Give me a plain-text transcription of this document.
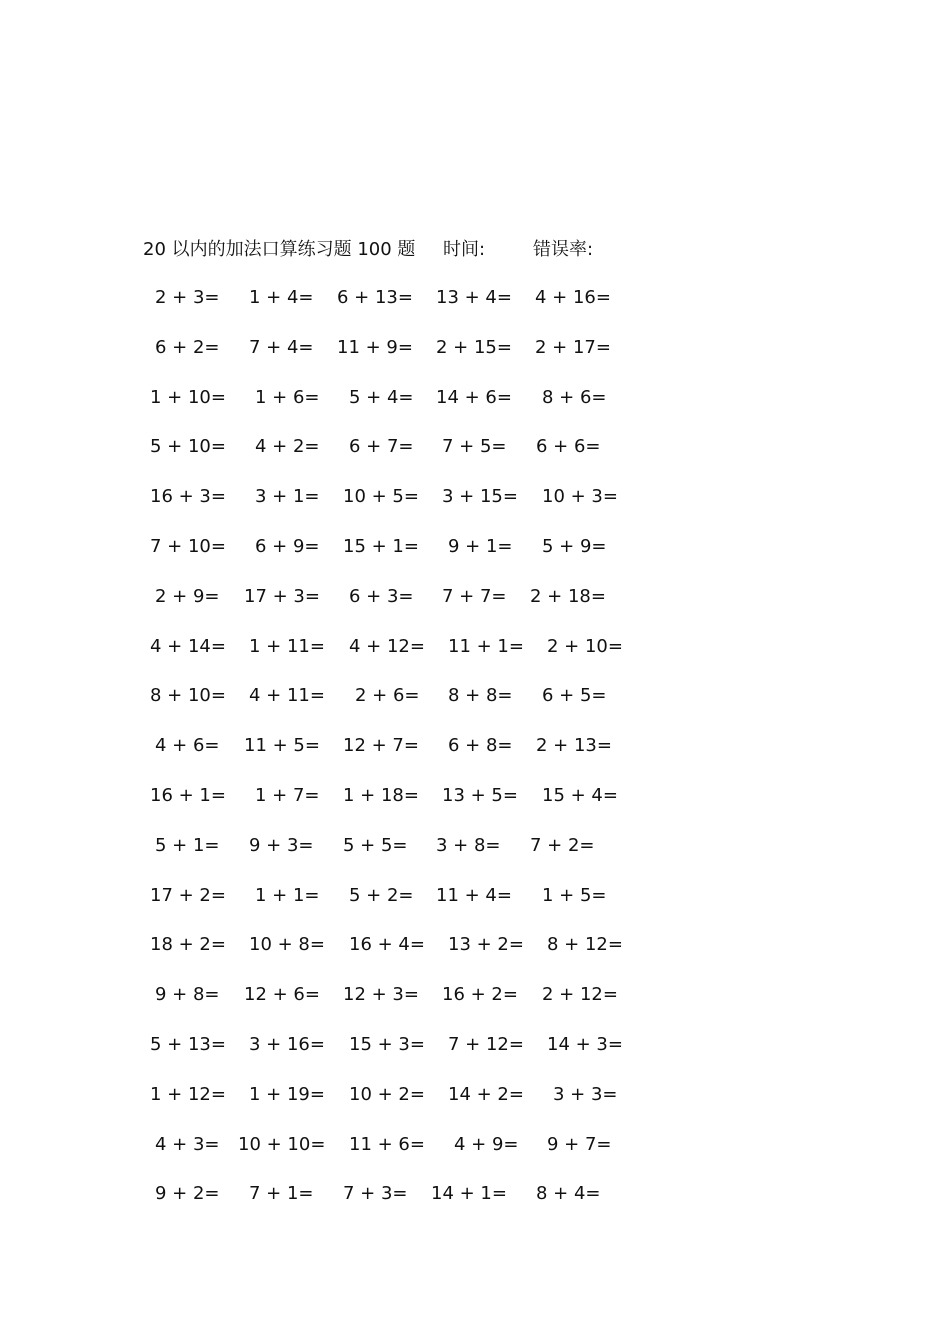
20 以内的加法口算练习题 100 题 时间:	错误率:
2 + 3= 1 + 4= 6 + 13= 13 + 4= 4 + 16=
6 + 2= 7 + 4= 11 + 9= 2 + 15= 2 + 17=
1 + 10= 1 + 6= 5 + 4= 14 + 6= 8 + 6=
5 + 10= 4 + 2= 6 + 7= 7 + 5= 6 + 6=
16 + 3= 3 + 1= 10 + 5= 3 + 15= 10 + 3=
7 + 10= 6 + 9= 15 + 1= 9 + 1= 5 + 9=
2 + 9= 17 + 3= 6 + 3= 7 + 7= 2 + 18=
4 + 14= 1 + 11= 4 + 12= 11 + 1= 2 + 10=
8 + 10= 4 + 11= 2 + 6= 8 + 8= 6 + 5=
4 + 6= 11 + 5= 12 + 7= 6 + 8= 2 + 13=
16 + 1= 1 + 7= 1 + 18= 13 + 5= 15 + 4=
5 + 1= 9 + 3= 5 + 5= 3 + 8= 7 + 2=
17 + 2= 1 + 1= 5 + 2= 11 + 4= 1 + 5=
18 + 2= 10 + 8= 16 + 4= 13 + 2= 8 + 12=
9 + 8= 12 + 6= 12 + 3= 16 + 2= 2 + 12=
5 + 13= 3 + 16= 15 + 3= 7 + 12= 14 + 3=
1 + 12= 1 + 19= 10 + 2= 14 + 2= 3 + 3=
4 + 3= 10 + 10= 11 + 6= 4 + 9= 9 + 7=
9 + 2= 7 + 1= 7 + 3= 14 + 1= 8 + 4=
